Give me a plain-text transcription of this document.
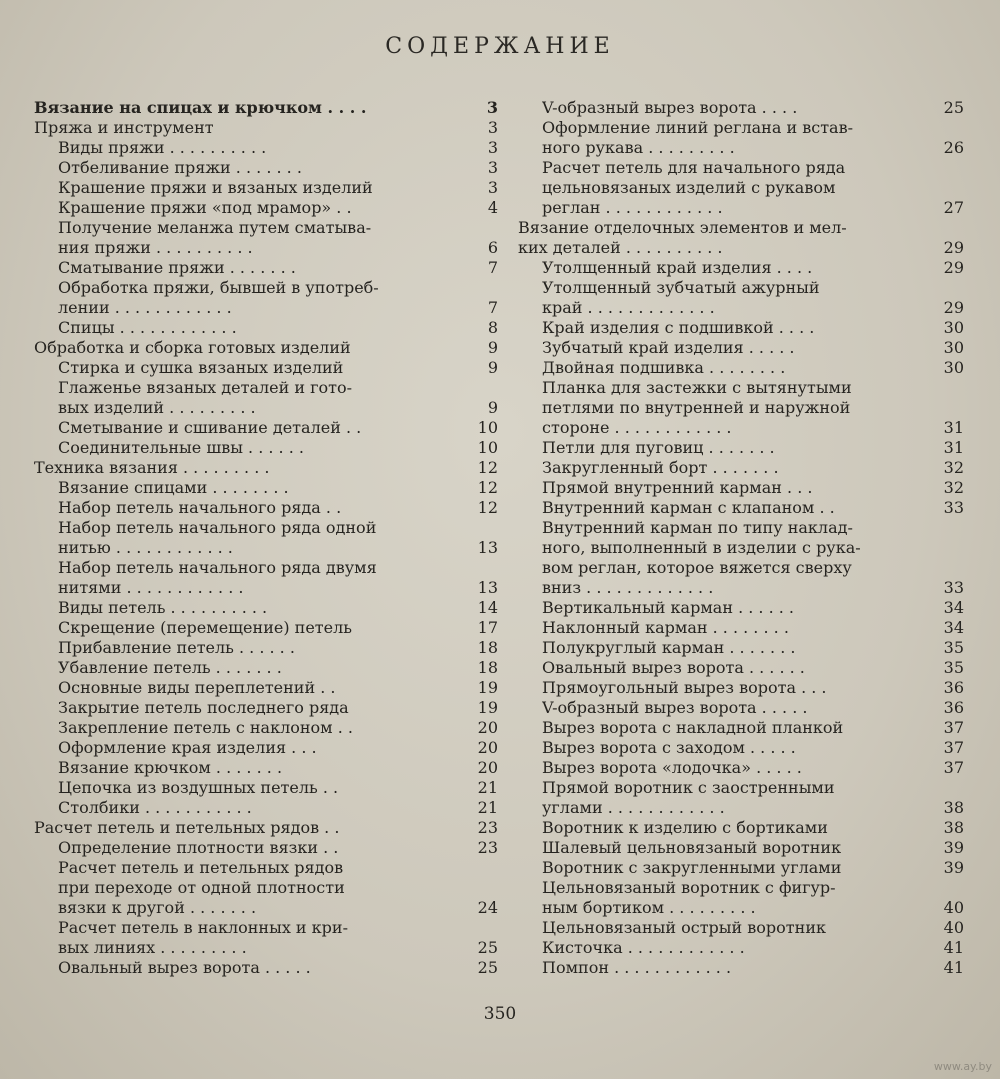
СОДЕРЖАНИЕ
Вязание на спицах и крючком . . . .	3
Пряжа и инструмент	3
Виды пряжи . . . . . . . . . .	3
Отбеливание пряжи . . . . . . .	3
Крашение пряжи и вязаных изделий	3
Крашение пряжи «под мрамор» . .	4
Получение меланжа путем сматыва-
ния пряжи . . . . . . . . . .	6
Сматывание пряжи . . . . . . .	7
Обработка пряжи, бывшей в употреб-
лении . . . . . . . . . . . .	7
Спицы . . . . . . . . . . . .	8
Обработка и сборка готовых изделий	9
Стирка и сушка вязаных изделий	9
Глаженье вязаных деталей и гото-
вых изделий . . . . . . . . .	9
Сметывание и сшивание деталей . .	10
Соединительные швы . . . . . .	10
Техника вязания . . . . . . . . .	12
Вязание спицами . . . . . . . .	12
Набор петель начального ряда . .	12
Набор петель начального ряда одной
нитью . . . . . . . . . . . .	13
Набор петель начального ряда двумя
нитями . . . . . . . . . . . .	13
Виды петель . . . . . . . . . .	14
Скрещение (перемещение) петель	17
Прибавление петель . . . . . .	18
Убавление петель . . . . . . .	18
Основные виды переплетений . .	19
Закрытие петель последнего ряда	19
Закрепление петель с наклоном . .	20
Оформление края изделия . . .	20
Вязание крючком . . . . . . .	20
Цепочка из воздушных петель . .	21
Столбики . . . . . . . . . . .	21
Расчет петель и петельных рядов . .	23
Определение плотности вязки . .	23
Расчет петель и петельных рядов
при переходе от одной плотности
вязки к другой . . . . . . .	24
Расчет петель в наклонных и кри-
вых линиях . . . . . . . . .	25
Овальный вырез ворота . . . . .	25
V-образный вырез ворота . . . .	25
Оформление линий реглана и встав-
ного рукава . . . . . . . . .	26
Расчет петель для начального ряда
цельновязаных изделий с рукавом
реглан . . . . . . . . . . . .	27
Вязание отделочных элементов и мел-
ких деталей . . . . . . . . . .	29
Утолщенный край изделия . . . .	29
Утолщенный зубчатый ажурный
край . . . . . . . . . . . . .	29
Край изделия с подшивкой . . . .	30
Зубчатый край изделия . . . . .	30
Двойная подшивка . . . . . . . .	30
Планка для застежки с вытянутыми
петлями по внутренней и наружной
стороне . . . . . . . . . . . .	31
Петли для пуговиц . . . . . . .	31
Закругленный борт . . . . . . .	32
Прямой внутренний карман . . .	32
Внутренний карман с клапаном . .	33
Внутренний карман по типу наклад-
ного, выполненный в изделии с рука-
вом реглан, которое вяжется сверху
вниз . . . . . . . . . . . . .	33
Вертикальный карман . . . . . .	34
Наклонный карман . . . . . . . .	34
Полукруглый карман . . . . . . .	35
Овальный вырез ворота . . . . . .	35
Прямоугольный вырез ворота . . .	36
V-образный вырез ворота . . . . .	36
Вырез ворота с накладной планкой	37
Вырез ворота с заходом . . . . .	37
Вырез ворота «лодочка» . . . . .	37
Прямой воротник с заостренными
углами . . . . . . . . . . . .	38
Воротник к изделию с бортиками	38
Шалевый цельновязаный воротник	39
Воротник с закругленными углами	39
Цельновязаный воротник с фигур-
ным бортиком . . . . . . . . .	40
Цельновязаный острый воротник	40
Кисточка . . . . . . . . . . . .	41
Помпон . . . . . . . . . . . .	41
350
www.ay.by
